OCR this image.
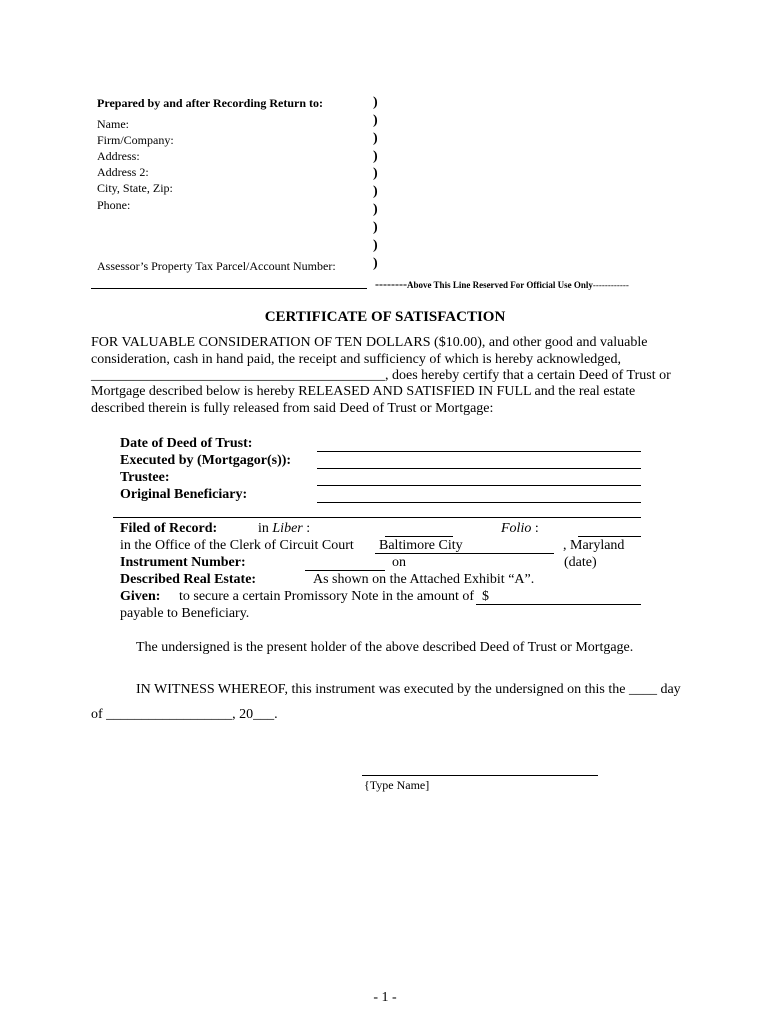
Prepared by and after Recording Return to:
Name:
Firm/Company:
Address:
Address 2:
City, State, Zip:
Phone:
Assessor’s Property Tax Parcel/Account Number:
)
)
)
)
)
)
)
)
)
)
--------Above This Line Reserved For Official Use Only------------
CERTIFICATE OF SATISFACTION
FOR VALUABLE CONSIDERATION OF TEN DOLLARS ($10.00), and other good and valuable
consideration, cash in hand paid, the receipt and sufficiency of which is hereby acknowledged,
__________________________________________, does hereby certify that a certain Deed of Trust or
Mortgage described below is hereby RELEASED AND SATISFIED IN FULL and the real estate
described therein is fully released from said Deed of Trust or Mortgage:
Date of Deed of Trust:
Executed by (Mortgagor(s)):
Trustee:
Original Beneficiary:
Filed of Record:	in Liber :	Folio :
in the Office of the Clerk of Circuit Court Baltimore City	, Maryland
Instrument Number:	on	(date)
Described Real Estate:	As shown on the Attached Exhibit “A”.
Given: to secure a certain Promissory Note in the amount of $
payable to Beneficiary.
The undersigned is the present holder of the above described Deed of Trust or Mortgage.
IN WITNESS WHEREOF, this instrument was executed by the undersigned on this the ____ day
of __________________, 20___.
{Type Name]
- 1 -
